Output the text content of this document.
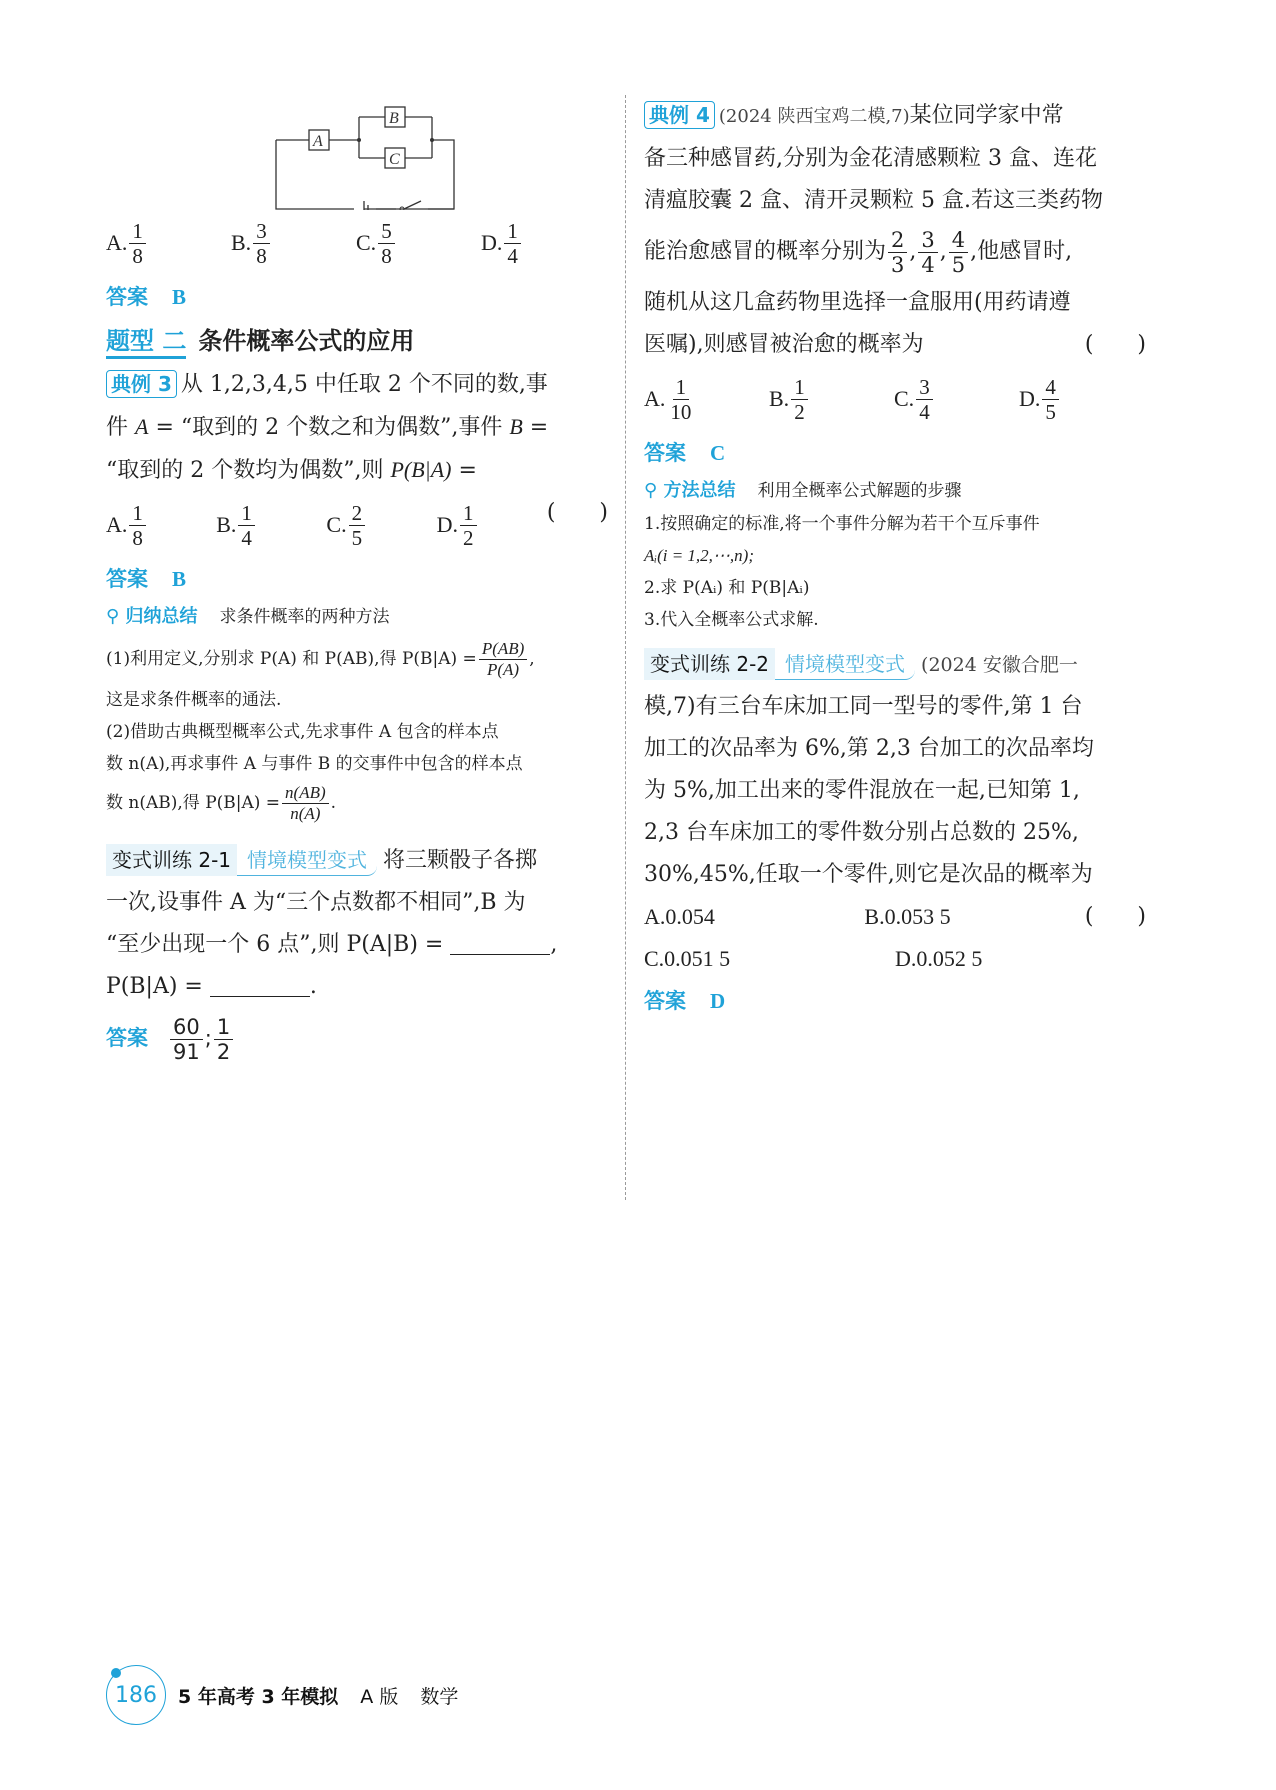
A
B
C
A. $\frac{1}{8}$	B. $\frac{3}{8}$	C. $\frac{5}{8}$	D. $\frac{1}{4}$
答案 B
题型 二 条件概率公式的应用
典例 3 从 1,2,3,4,5 中任取 2 个不同的数,事
件 A = “取到的 2 个数之和为偶数”,事件 B =
“取到的 2 个数均为偶数”,则 P(B|A) =
(　　)
A. $\frac{1}{8}$	B. $\frac{1}{4}$	C. $\frac{2}{5}$	D. $\frac{1}{2}$
答案 B
⚲ 归纳总结 求条件概率的两种方法
(1)利用定义,分别求 P(A) 和 P(AB),得 $P(B|A) = \frac{P(AB)}{P(A)}$ ,
这是求条件概率的通法.
(2)借助古典概型概率公式,先求事件 A 包含的样本点
数 n(A),再求事件 A 与事件 B 的交事件中包含的样本点
数 n(AB),得 $P(B|A) = \frac{n(AB)}{n(A)}$ .
变式训练 2-1 情境模型变式 将三颗骰子各掷
一次,设事件 A 为“三个点数都不相同”,B 为
“至少出现一个 6 点”,则 P(A|B) =	,
P(B|A) =	.
答案 $\frac{60}{91}$ ; $\frac{1}{2}$
典例 4 (2024 陕西宝鸡二模,7)某位同学家中常
备三种感冒药,分别为金花清感颗粒 3 盒、连花
清瘟胶囊 2 盒、清开灵颗粒 5 盒.若这三类药物
能治愈感冒的概率分别为 $\frac{2}{3}$ , $\frac{3}{4}$ , $\frac{4}{5}$ ,他感冒时,
随机从这几盒药物里选择一盒服用(用药请遵
医嘱),则感冒被治愈的概率为	(　　)
A. $\frac{1}{10}$	B. $\frac{1}{2}$	C. $\frac{3}{4}$	D. $\frac{4}{5}$
答案 C
⚲ 方法总结 利用全概率公式解题的步骤
1.按照确定的标准,将一个事件分解为若干个互斥事件
Aᵢ(i = 1,2,⋯,n);
2.求 P(Aᵢ) 和 P(B|Aᵢ)
3.代入全概率公式求解.
变式训练 2-2 情境模型变式 (2024 安徽合肥一
模,7)有三台车床加工同一型号的零件,第 1 台
加工的次品率为 6%,第 2,3 台加工的次品率均
为 5%,加工出来的零件混放在一起,已知第 1,
2,3 台车床加工的零件数分别占总数的 25%,
30%,45%,任取一个零件,则它是次品的概率为
(　　)
A.0.054	B.0.053 5
C.0.051 5	D.0.052 5
答案 D
186 5 年高考 3 年模拟 A 版 数学
